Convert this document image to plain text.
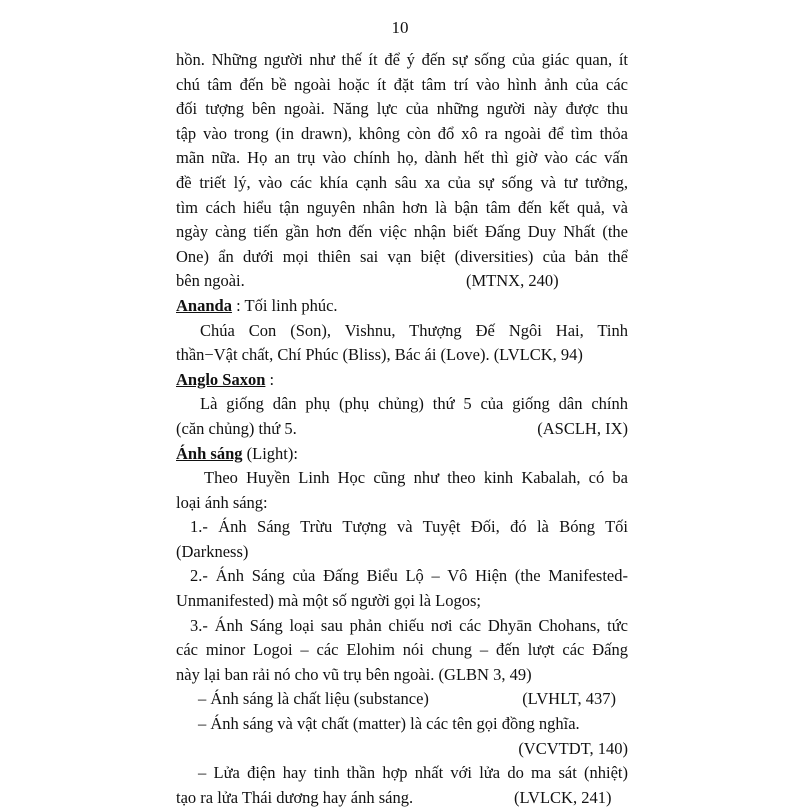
10
hồn. Những người như thế ít để ý đến sự sống của giác quan, ít
chú tâm đến bề ngoài hoặc ít đặt tâm trí vào hình ảnh của các
đối tượng bên ngoài. Năng lực của những người này được thu
tập vào trong (in drawn), không còn đổ xô ra ngoài để tìm thỏa
mãn nữa. Họ an trụ vào chính họ, dành hết thì giờ vào các vấn
đề triết lý, vào các khía cạnh sâu xa của sự sống và tư tưởng,
tìm cách hiểu tận nguyên nhân hơn là bận tâm đến kết quả, và
ngày càng tiến gần hơn đến việc nhận biết Đấng Duy Nhất (the
One) ẩn dưới mọi thiên sai vạn biệt (diversities) của bản thể
bên ngoài.	(MTNX, 240)
Ananda : Tối linh phúc.
Chúa Con (Son), Vishnu, Thượng Đế Ngôi Hai, Tinh
thần−Vật chất, Chí Phúc (Bliss), Bác ái (Love). (LVLCK, 94)
Anglo Saxon :
Là giống dân phụ (phụ chủng) thứ 5 của giống dân chính
(căn chủng) thứ 5.	(ASCLH, IX)
Ánh sáng (Light):
Theo Huyền Linh Học cũng như theo kinh Kabalah, có ba
loại ánh sáng:
1.- Ánh Sáng Trừu Tượng và Tuyệt Đối, đó là Bóng Tối
(Darkness)
2.- Ánh Sáng của Đấng Biểu Lộ – Vô Hiện (the Manifested-
Unmanifested) mà một số người gọi là Logos;
3.- Ánh Sáng loại sau phản chiếu nơi các Dhyān Chohans, tức
các minor Logoi – các Elohim nói chung – đến lượt các Đấng
này lại ban rải nó cho vũ trụ bên ngoài. (GLBN 3, 49)
– Ánh sáng là chất liệu (substance)	(LVHLT, 437)
– Ánh sáng và vật chất (matter) là các tên gọi đồng nghĩa.
(VCVTDT, 140)
– Lửa điện hay tinh thần hợp nhất với lửa do ma sát (nhiệt)
tạo ra lửa Thái dương hay ánh sáng.	(LVLCK, 241)
